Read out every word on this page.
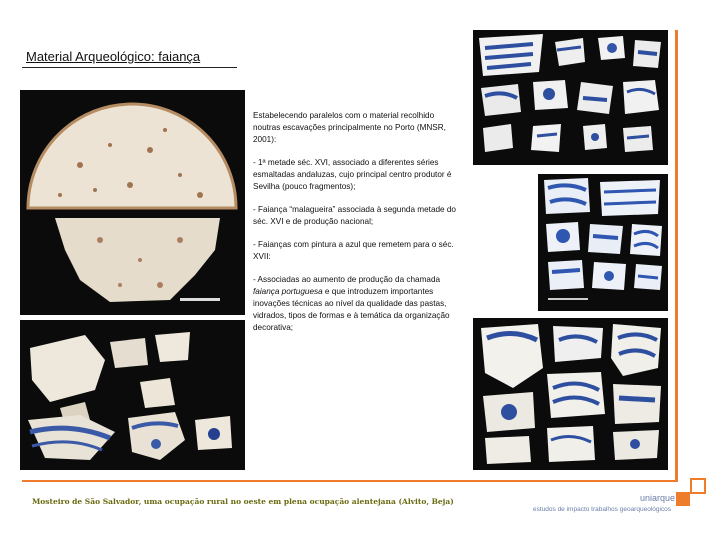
Material Arqueológico: faiança

Estabelecendo paralelos com o material recolhido noutras escavações principalmente no Porto (MNSR, 2001):

- 1ª metade séc. XVI, associado a diferentes séries esmaltadas andaluzas, cujo principal centro produtor é Sevilha (pouco fragmentos);

- Faiança “malagueira” associada à segunda metade do séc. XVI e de produção nacional;

- Faianças com pintura a azul que remetem para o séc. XVII:

- Associadas ao aumento de produção da chamada faiança portuguesa e que introduzem importantes inovações técnicas ao nível da qualidade das pastas, vidrados, tipos de formas e à temática da organização decorativa;

Mosteiro de São Salvador, uma ocupação rural no oeste em plena ocupação alentejana (Alvito, Beja)	uniarque
estudos de impacto trabalhos geoarqueológicos
